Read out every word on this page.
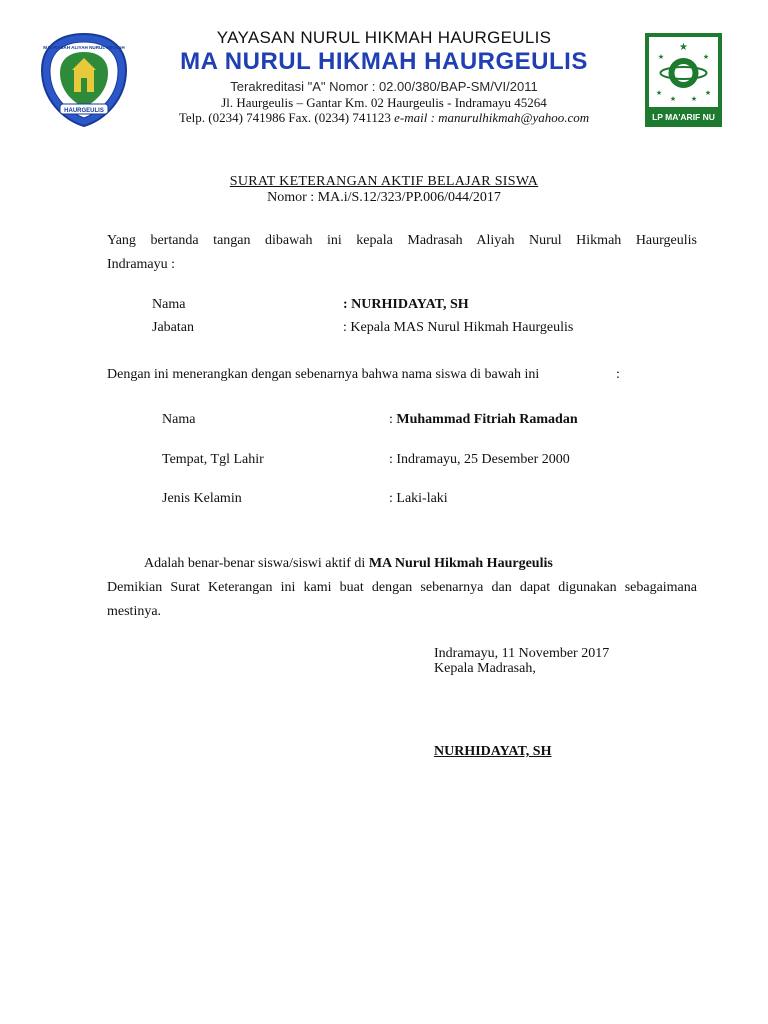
HAURGEULIS
MADRASAH ALIYAH NURUL HIKMAH	★
★	★
★	★
★ ★
LP MA'ARIF NU
YAYASAN NURUL HIKMAH HAURGEULIS
MA NURUL HIKMAH HAURGEULIS
Terakreditasi "A" Nomor : 02.00/380/BAP-SM/VI/2011
Jl. Haurgeulis – Gantar Km. 02 Haurgeulis - Indramayu 45264
Telp. (0234) 741986 Fax. (0234) 741123 e-mail : manurulhikmah@yahoo.com
SURAT KETERANGAN AKTIF BELAJAR SISWA
Nomor : MA.i/S.12/323/PP.006/044/2017
Yang bertanda tangan dibawah ini kepala Madrasah Aliyah Nurul Hikmah Haurgeulis
Indramayu :
Nama	: NURHIDAYAT, SH
Jabatan	: Kepala MAS Nurul Hikmah Haurgeulis
Dengan ini menerangkan dengan sebenarnya bahwa nama siswa di bawah ini	:
Nama	: Muhammad Fitriah Ramadan
Tempat, Tgl Lahir	: Indramayu, 25 Desember 2000
Jenis Kelamin	: Laki-laki
Adalah benar-benar siswa/siswi aktif di MA Nurul Hikmah Haurgeulis
Demikian Surat Keterangan ini kami buat dengan sebenarnya dan dapat digunakan sebagaimana mestinya.
Indramayu, 11 November 2017
Kepala Madrasah,
NURHIDAYAT, SH
